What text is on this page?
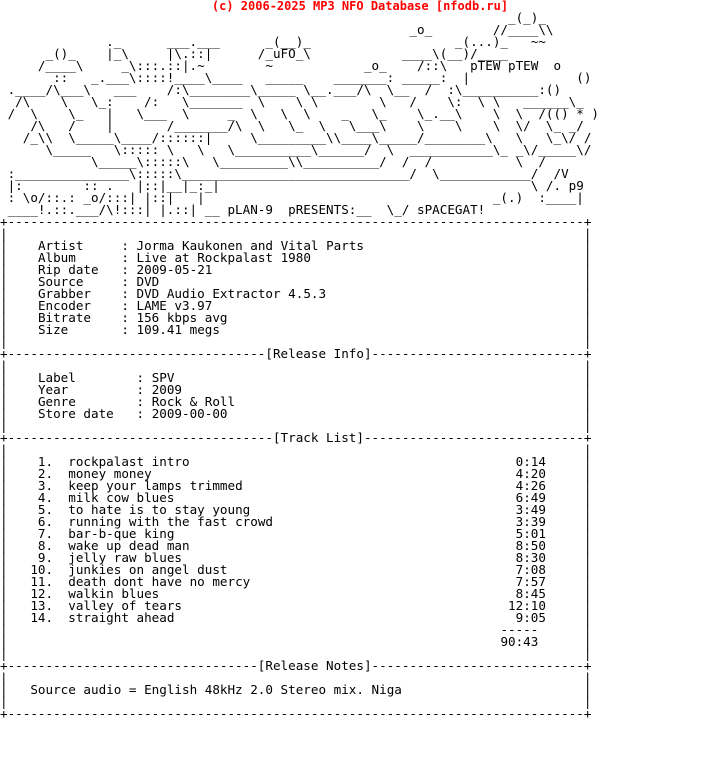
(c) 2006-2025 MP3 NFO Database [nfodb.ru]
_(_)_
_o_        //____\\
._      ___.___      _(__)_                   _(...)_   ~~
_()_    |_\     |\.::|      /_uFO_\            ____\(__)/____
/____\     _\:::.::|.~        ~            _o_    /::\   pTEW pTEW  o
::   _.___\::::!____\____   _____    _______: _____:  |              ()
.____/\___\   ___    /:\________\_____ \__.___/\  \__  /  :\__________:()
/\    \   \_:    /:   \_______  \    \ \        \   /    \:  \ \   ______\_
/  \    \_   |   \___  \     _  \   \  \    _   \_    \_.__\    \  \  /(() * )
/\   /    |       /_______/\  \   \_  \   \___\    \    \    \  \/  \_ _/
/_\\  \_____\____/::::::|     \_________\\____\_____/________\   \   \_\/ /
\_____   \::::: \   \   \__________\______/  \  ___________\_ _\/_____\/
\_____\:::::\   \_________\\__________/  /  /           \  /
:_______________\:::::\______________________________/  \____________/  /V
|:        :: .   |::|__|_:_|                                         \ /. p9
: \o/::.: _o/:::| |::|   |                                      _(.)  :____|
____!.::.___/\!:::| |.::| __ pLAN-9  pRESENTS:__  \_/ sPACEGAT!
+----------------------------------------------------------------------------+
|                                                                            |
| Artist     : Jorma Kaukonen and Vital Parts                             |
| Album      : Live at Rockpalast 1980                                    |
| Rip date   : 2009-05-21                                                 |
| Source     : DVD                                                        |
| Grabber    : DVD Audio Extractor 4.5.3                                  |
| Encoder    : LAME v3.97                                                 |
| Bitrate    : 156 kbps avg                                               |
| Size       : 109.41 megs                                                |
|                                                                            |
+----------------------------------[Release Info]----------------------------+
|                                                                            |
| Label        : SPV                                                      |
| Year         : 2009                                                     |
| Genre        : Rock & Roll                                              |
| Store date   : 2009-00-00                                               |
|                                                                            |
+-----------------------------------[Track List]-----------------------------+
|                                                                            |
|    1. rockpalast intro	0:14     |
|    2. money money	4:20     |
|    3. keep your lamps trimmed	4:26     |
|    4. milk cow blues	6:49     |
|    5. to hate is to stay young	3:49     |
|    6. running with the fast crowd	3:39     |
|    7. bar-b-que king	5:01     |
|    8. wake up dead man	8:50     |
|    9. jelly raw blues	8:30     |
|   10. junkies on angel dust	7:08     |
|   11. death dont have no mercy	7:57     |
|   12. walkin blues	8:45     |
|   13. valley of tears	12:10     |
|   14. straight ahead	9:05     |
|	-----      |
|	90:43      |
|                                                                            |
+---------------------------------[Release Notes]----------------------------+
|                                                                            |
| Source audio = English 48kHz 2.0 Stereo mix. Niga                        |
|                                                                            |
+----------------------------------------------------------------------------+
